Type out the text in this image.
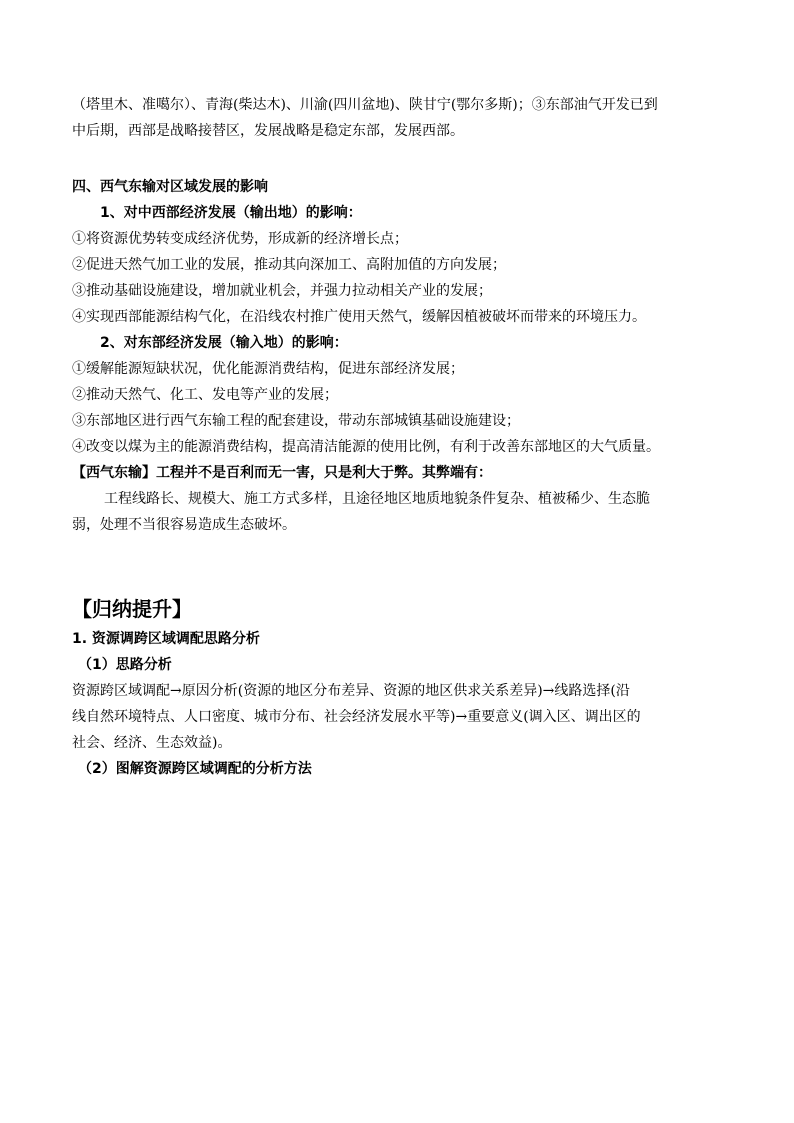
（塔里木、准噶尔）、青海(柴达木)、川渝(四川盆地)、陕甘宁(鄂尔多斯)；③东部油气开发已到

中后期，西部是战略接替区，发展战略是稳定东部，发展西部。

四、西气东输对区域发展的影响

1、对中西部经济发展（输出地）的影响：

①将资源优势转变成经济优势，形成新的经济增长点；

②促进天然气加工业的发展，推动其向深加工、高附加值的方向发展；

③推动基础设施建设，增加就业机会，并强力拉动相关产业的发展；

④实现西部能源结构气化，在沿线农村推广使用天然气，缓解因植被破坏而带来的环境压力。

2、对东部经济发展（输入地）的影响：

①缓解能源短缺状况，优化能源消费结构，促进东部经济发展；

②推动天然气、化工、发电等产业的发展；

③东部地区进行西气东输工程的配套建设，带动东部城镇基础设施建设；

④改变以煤为主的能源消费结构，提高清洁能源的使用比例，有利于改善东部地区的大气质量。

【西气东输】工程并不是百利而无一害，只是利大于弊。其弊端有：

工程线路长、规模大、施工方式多样，且途径地区地质地貌条件复杂、植被稀少、生态脆

弱，处理不当很容易造成生态破坏。

【归纳提升】

1. 资源调跨区域调配思路分析

（1）思路分析

资源跨区域调配→原因分析(资源的地区分布差异、资源的地区供求关系差异)→线路选择(沿

线自然环境特点、人口密度、城市分布、社会经济发展水平等)→重要意义(调入区、调出区的

社会、经济、生态效益)。

（2）图解资源跨区域调配的分析方法
